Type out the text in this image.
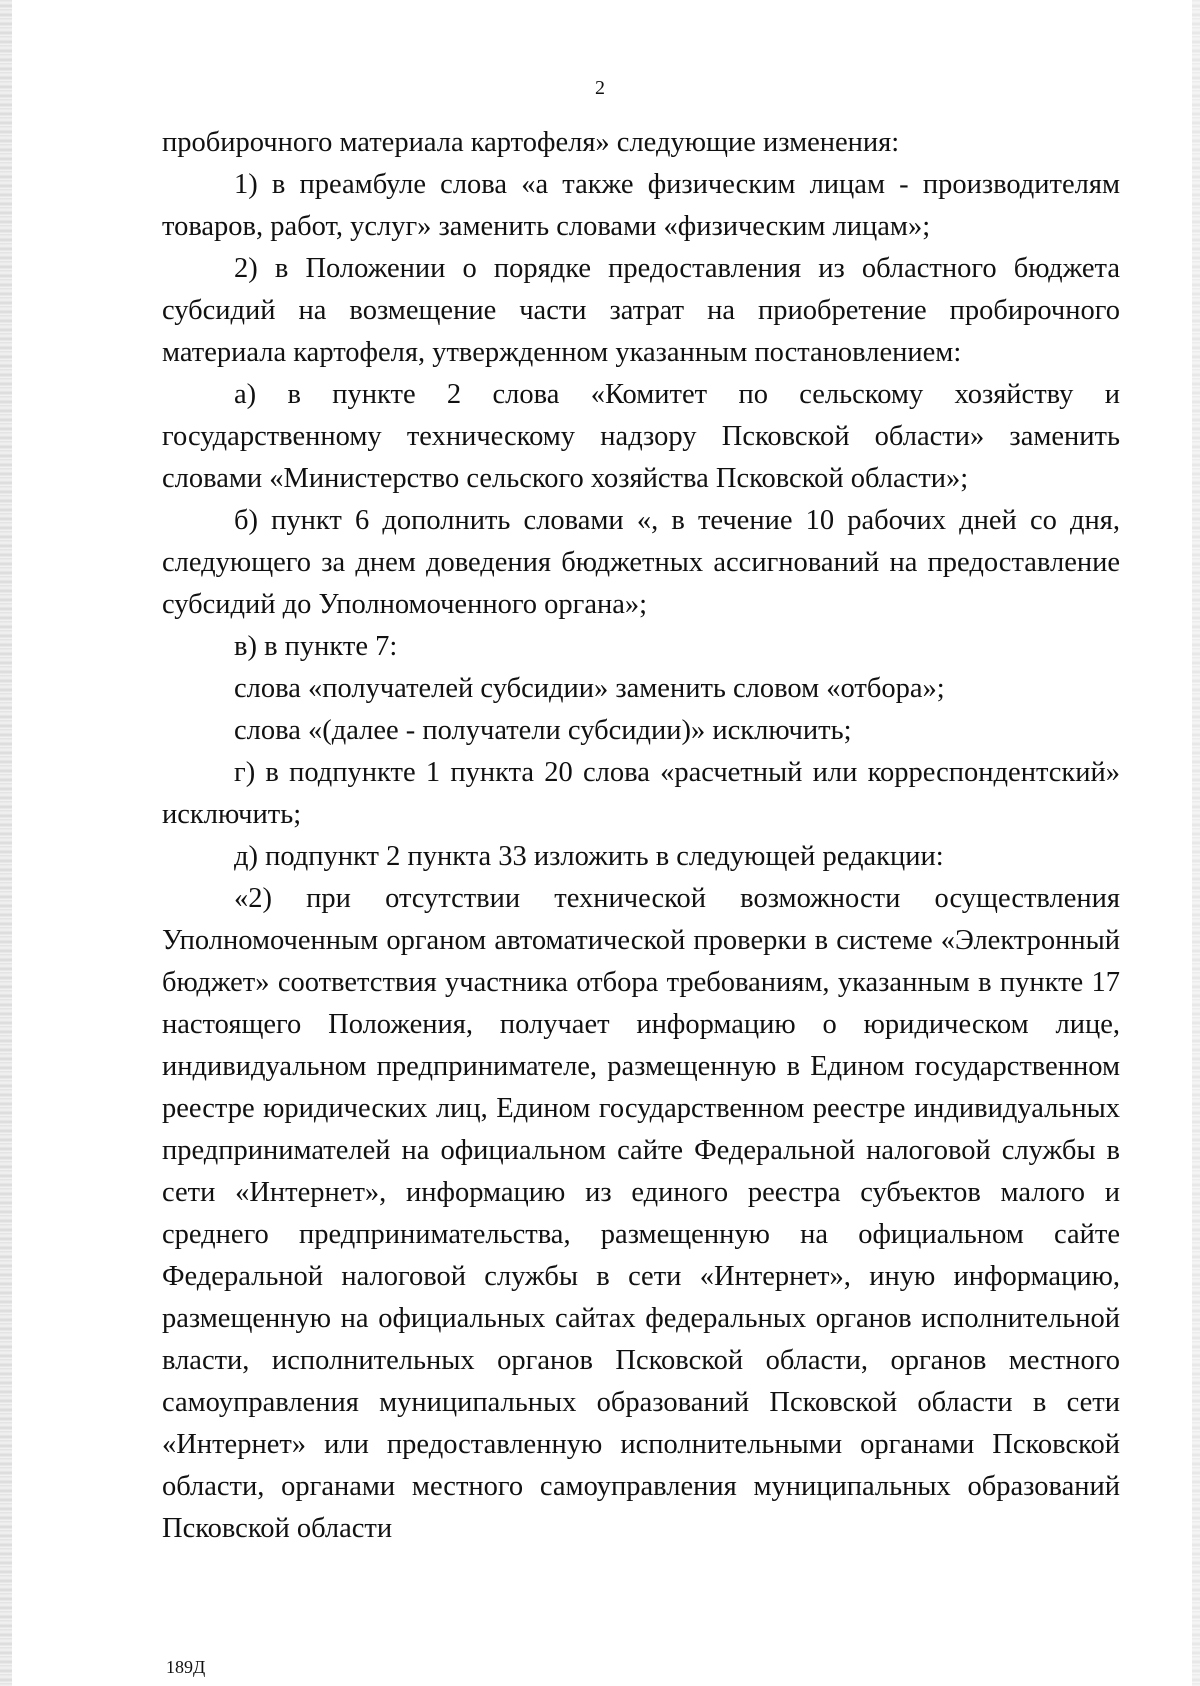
2

пробирочного материала картофеля» следующие изменения:

1) в преамбуле слова «а также физическим лицам - производителям товаров, работ, услуг» заменить словами «физическим лицам»;

2) в Положении о порядке предоставления из областного бюджета субсидий на возмещение части затрат на приобретение пробирочного материала картофеля, утвержденном указанным постановлением:

а) в пункте 2 слова «Комитет по сельскому хозяйству и государственному техническому надзору Псковской области» заменить словами «Министерство сельского хозяйства Псковской области»;

б) пункт 6 дополнить словами «, в течение 10 рабочих дней со дня, следующего за днем доведения бюджетных ассигнований на предоставление субсидий до Уполномоченного органа»;

в) в пункте 7:

слова «получателей субсидии» заменить словом «отбора»;

слова «(далее - получатели субсидии)» исключить;

г) в подпункте 1 пункта 20 слова «расчетный или корреспондентский» исключить;

д) подпункт 2 пункта 33 изложить в следующей редакции:

«2) при отсутствии технической возможности осуществления Уполномоченным органом автоматической проверки в системе «Электронный бюджет» соответствия участника отбора требованиям, указанным в пункте 17 настоящего Положения, получает информацию о юридическом лице, индивидуальном предпринимателе, размещенную в Едином государственном реестре юридических лиц, Едином государственном реестре индивидуальных предпринимателей на официальном сайте Федеральной налоговой службы в сети «Интернет», информацию из единого реестра субъектов малого и среднего предпринимательства, размещенную на официальном сайте Федеральной налоговой службы в сети «Интернет», иную информацию, размещенную на официальных сайтах федеральных органов исполнительной власти, исполнительных органов Псковской области, органов местного самоуправления муниципальных образований Псковской области в сети «Интернет» или предоставленную исполнительными органами Псковской области, органами местного самоуправления муниципальных образований Псковской области

189Д
